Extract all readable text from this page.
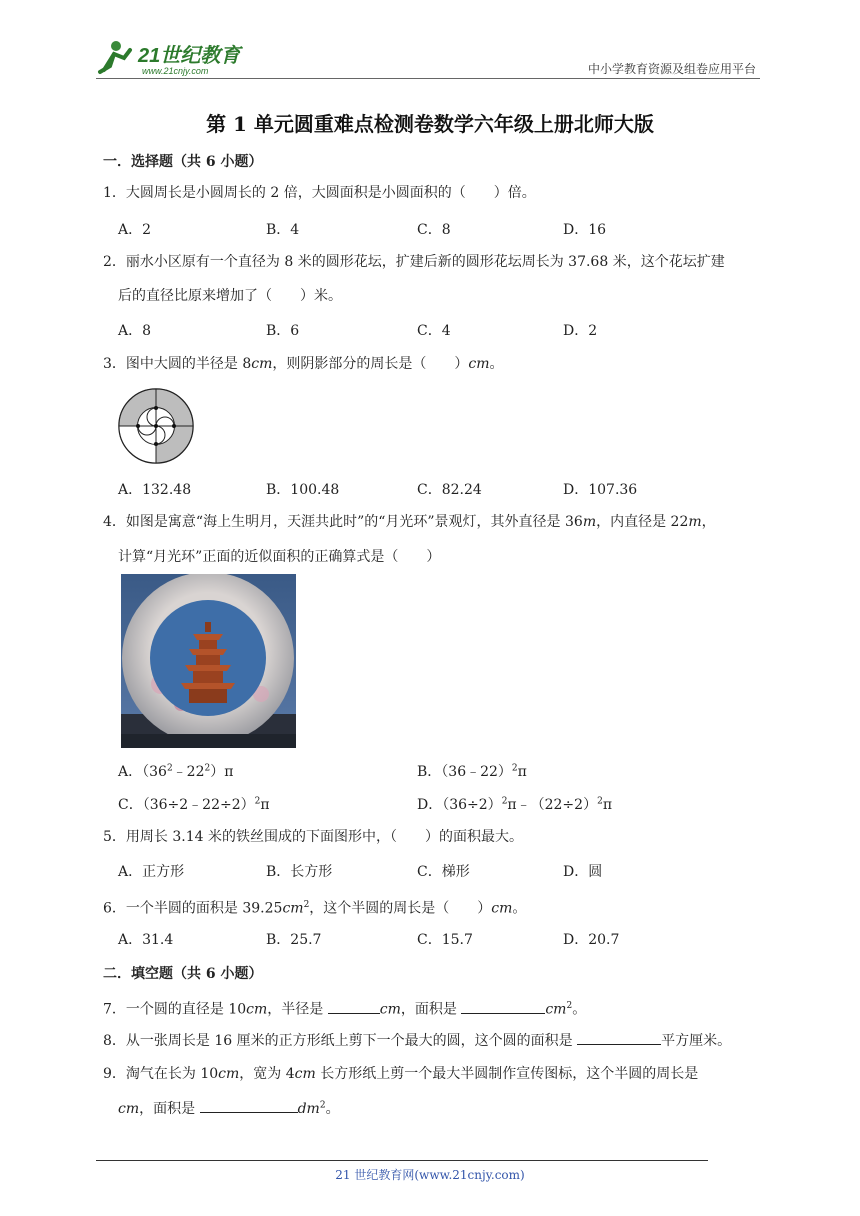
21世纪教育
www.21cnjy.com	中小学教育资源及组卷应用平台
第 1 单元圆重难点检测卷数学六年级上册北师大版
一．选择题（共 6 小题）
1．大圆周长是小圆周长的 2 倍，大圆面积是小圆面积的（　　）倍。
A．2	B．4	C．8	D．16
2．丽水小区原有一个直径为 8 米的圆形花坛，扩建后新的圆形花坛周长为 37.68 米，这个花坛扩建
后的直径比原来增加了（　　）米。
A．8	B．6	C．4	D．2
3．图中大圆的半径是 8cm，则阴影部分的周长是（　　）cm。
A．132.48	B．100.48	C．82.24	D．107.36
4．如图是寓意“海上生明月，天涯共此时”的“月光环”景观灯，其外直径是 36m，内直径是 22m，
计算“月光环”正面的近似面积的正确算式是（　　）
A．$(36^2﹣22^2)\pi$	B．（36﹣22）$^2$π
C．（36÷2﹣22÷2）$^2$π	D．$(36\div 2)^2\pi﹣(22\div 2)^2\pi$
5．用周长 3.14 米的铁丝围成的下面图形中，（　　）的面积最大。
A．正方形	B．长方形	C．梯形	D．圆
6．一个半圆的面积是 $39.25cm^2$，这个半圆的周长是（　　）cm。
A．31.4	B．25.7	C．15.7	D．20.7
二．填空题（共 6 小题）
7．一个圆的直径是 10cm，半径是	cm，面积是	$cm^2$。
8．从一张周长是 16 厘米的正方形纸上剪下一个最大的圆，这个圆的面积是	平方厘米。
9．淘气在长为 10cm，宽为 4cm 长方形纸上剪一个最大半圆制作宣传图标，这个半圆的周长是
cm，面积是	$dm^2$。
21 世纪教育网(www.21cnjy.com)
